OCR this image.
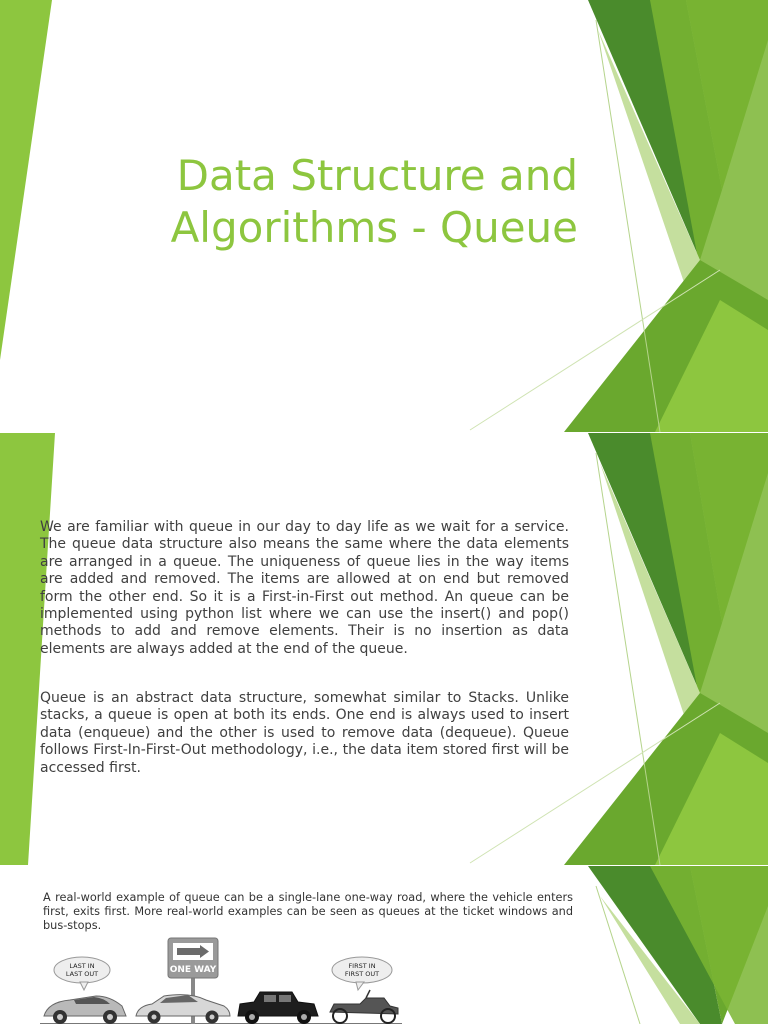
Data Structure and Algorithms - Queue

We are familiar with queue in our day to day life as we wait for a service. The queue data structure also means the same where the data elements are arranged in a queue. The uniqueness of queue lies in the way items are added and removed. The items are allowed at on end but removed form the other end. So it is a First-in-First out method. An queue can be implemented using python list where we can use the insert() and pop() methods to add and remove elements. Their is no insertion as data elements are always added at the end of the queue.

Queue is an abstract data structure, somewhat similar to Stacks. Unlike stacks, a queue is open at both its ends. One end is always used to insert data (enqueue) and the other is used to remove data (dequeue). Queue follows First-In-First-Out methodology, i.e., the data item stored first will be accessed first.

A real-world example of queue can be a single-lane one-way road, where the vehicle enters first, exits first. More real-world examples can be seen as queues at the ticket windows and bus-stops.

LAST IN
LAST OUT	ONE WAY	FIRST IN
FIRST OUT
